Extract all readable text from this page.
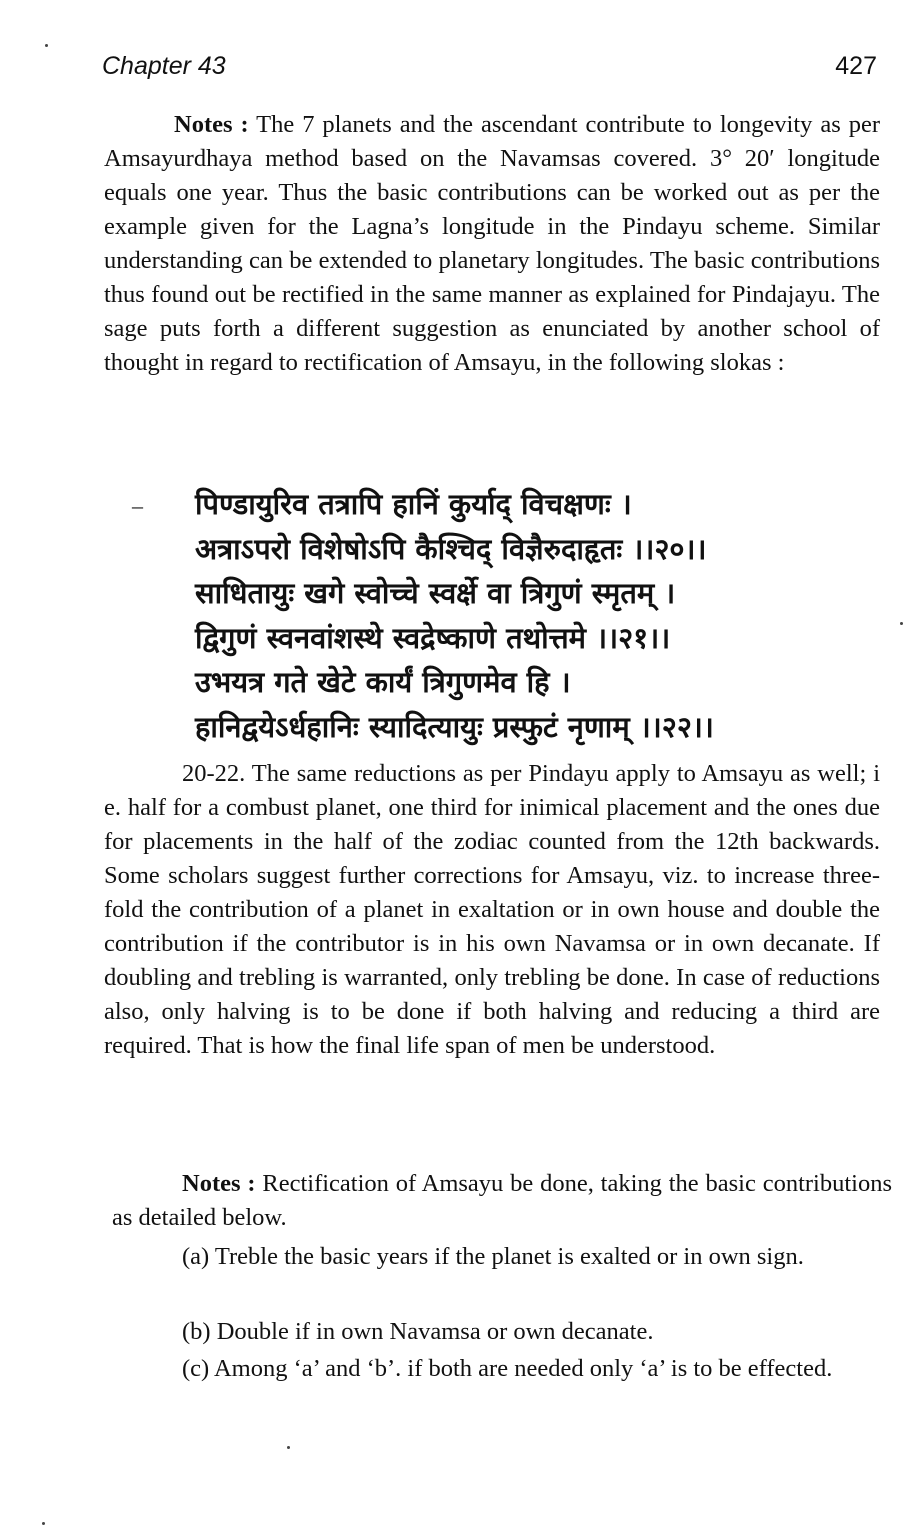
Chapter 43	427

Notes : The 7 planets and the ascendant contribute to longevity as per Amsayurdhaya method based on the Navamsas covered. 3° 20′ longitude equals one year. Thus the basic contributions can be worked out as per the example given for the Lagna’s longitude in the Pindayu scheme. Similar understanding can be extended to planetary longitudes. The basic contributions thus found out be rectified in the same manner as explained for Pindajayu. The sage puts forth a different suggestion as enunciated by another school of thought in regard to rectification of Amsayu, in the following slokas :

– पिण्डायुरिव तत्रापि हानिं कुर्याद् विचक्षणः ।
अत्राऽपरो विशेषोऽपि कैश्चिद् विज्ञैरुदाहृतः ।।२०।।
साधितायुः खगे स्वोच्चे स्वर्क्षे वा त्रिगुणं स्मृतम् ।
द्विगुणं स्वनवांशस्थे स्वद्रेष्काणे तथोत्तमे ।।२१।।
उभयत्र गते खेटे कार्यं त्रिगुणमेव हि ।
हानिद्वयेऽर्धहानिः स्यादित्यायुः प्रस्फुटं नृणाम् ।।२२।।

20-22. The same reductions as per Pindayu apply to Amsayu as well; i e. half for a combust planet, one third for inimical placement and the ones due for placements in the half of the zodiac counted from the 12th backwards. Some scholars suggest further corrections for Amsayu, viz. to increase three-fold the contribution of a planet in exaltation or in own house and double the contribution if the contributor is in his own Navamsa or in own decanate. If doubling and trebling is warranted, only trebling be done. In case of reductions also, only halving is to be done if both halving and reducing a third are required. That is how the final life span of men be understood.

Notes : Rectification of Amsayu be done, taking the basic contributions as detailed below.

(a) Treble the basic years if the planet is exalted or in own sign.

(b) Double if in own Navamsa or own decanate.

(c) Among ‘a’ and ‘b’. if both are needed only ‘a’ is to be effected.
